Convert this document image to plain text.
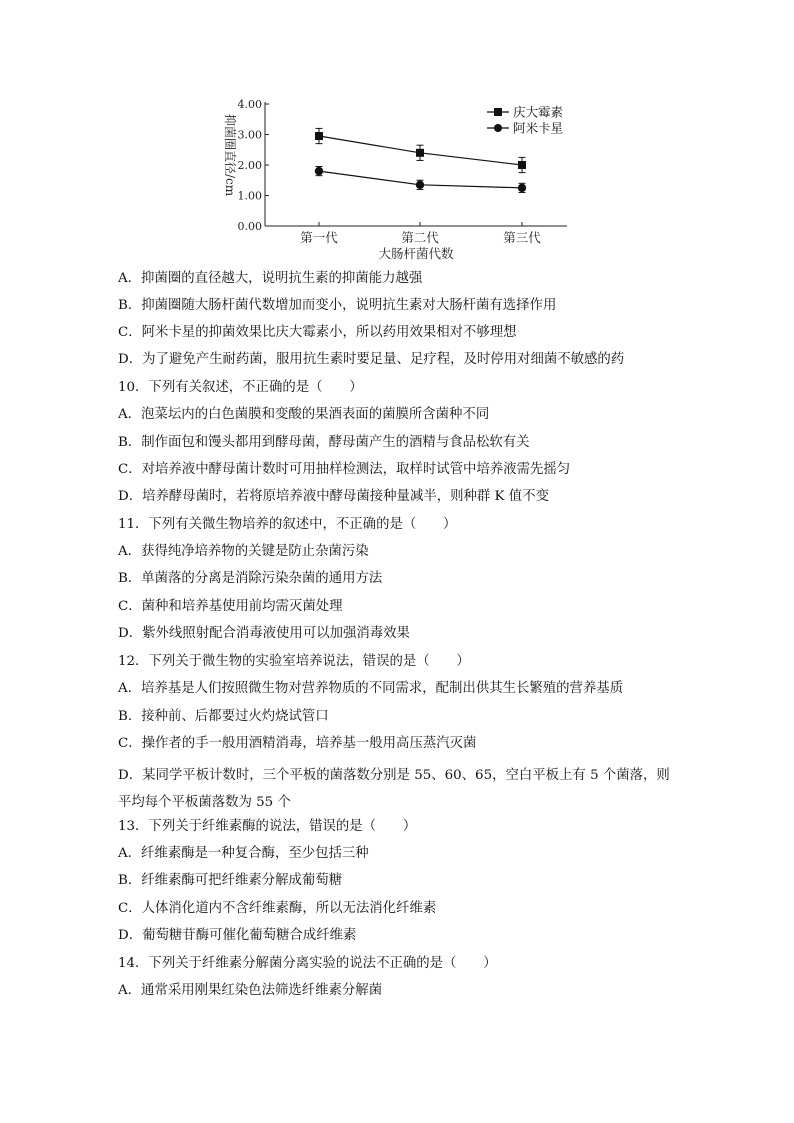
0.00
1.00
2.00
3.00
4.00
第一代	第二代	第三代
大肠杆菌代数
抑菌圈直径/cm
庆大霉素
阿米卡星
A．抑菌圈的直径越大，说明抗生素的抑菌能力越强
B．抑菌圈随大肠杆菌代数增加而变小，说明抗生素对大肠杆菌有选择作用
C．阿米卡星的抑菌效果比庆大霉素小，所以药用效果相对不够理想
D．为了避免产生耐药菌，服用抗生素时要足量、足疗程，及时停用对细菌不敏感的药
10．下列有关叙述，不正确的是（　　）
A．泡菜坛内的白色菌膜和变酸的果酒表面的菌膜所含菌种不同
B．制作面包和馒头都用到酵母菌，酵母菌产生的酒精与食品松软有关
C．对培养液中酵母菌计数时可用抽样检测法，取样时试管中培养液需先摇匀
D．培养酵母菌时，若将原培养液中酵母菌接种量减半，则种群 K 值不变
11．下列有关微生物培养的叙述中，不正确的是（　　）
A．获得纯净培养物的关键是防止杂菌污染
B．单菌落的分离是消除污染杂菌的通用方法
C．菌种和培养基使用前均需灭菌处理
D．紫外线照射配合消毒液使用可以加强消毒效果
12．下列关于微生物的实验室培养说法，错误的是（　　）
A．培养基是人们按照微生物对营养物质的不同需求，配制出供其生长繁殖的营养基质
B．接种前、后都要过火灼烧试管口
C．操作者的手一般用酒精消毒，培养基一般用高压蒸汽灭菌
D．某同学平板计数时，三个平板的菌落数分别是 55、60、65，空白平板上有 5 个菌落，则平均每个平板菌落数为 55 个
13．下列关于纤维素酶的说法，错误的是（　　）
A．纤维素酶是一种复合酶，至少包括三种
B．纤维素酶可把纤维素分解成葡萄糖
C．人体消化道内不含纤维素酶，所以无法消化纤维素
D．葡萄糖苷酶可催化葡萄糖合成纤维素
14．下列关于纤维素分解菌分离实验的说法不正确的是（　　）
A．通常采用刚果红染色法筛选纤维素分解菌
